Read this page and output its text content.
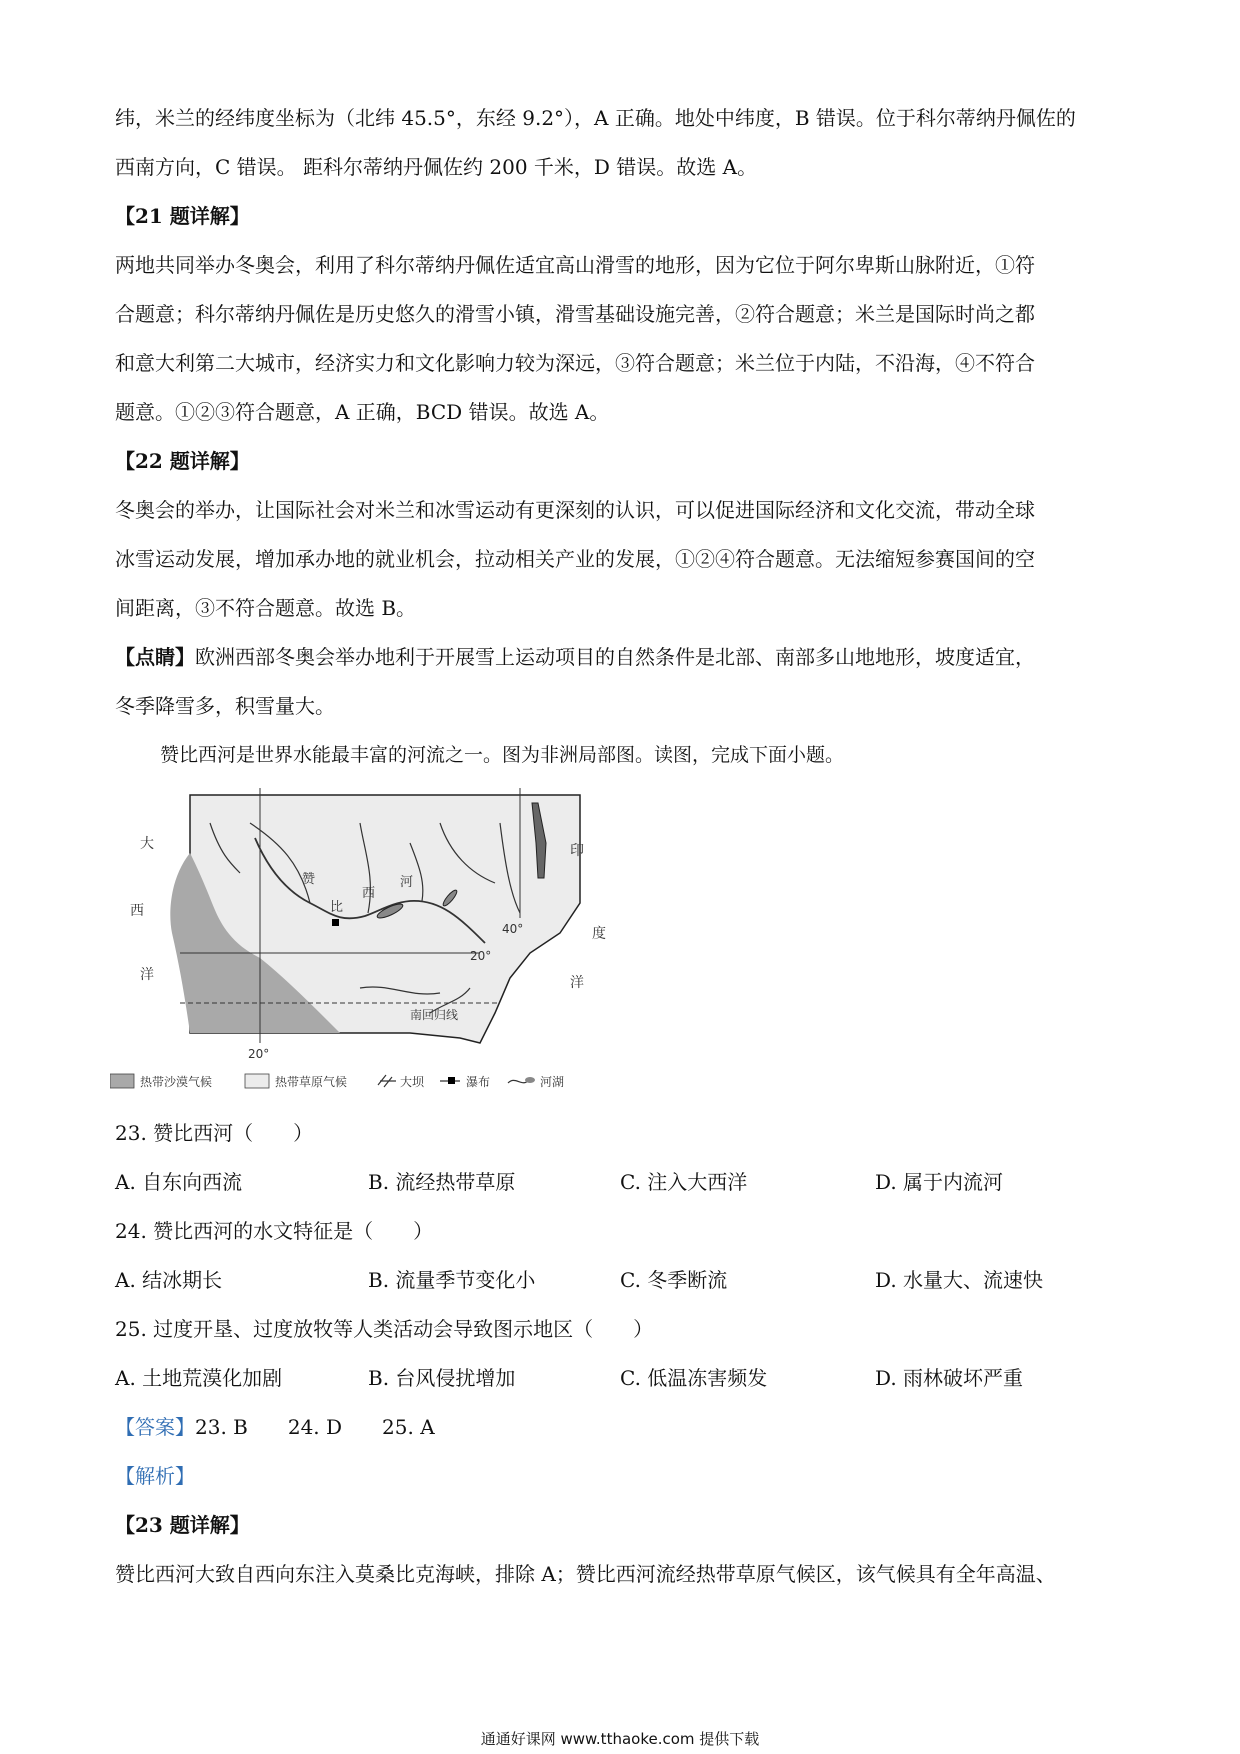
纬，米兰的经纬度坐标为（北纬 45.5°，东经 9.2°），A 正确。地处中纬度，B 错误。位于科尔蒂纳丹佩佐的
西南方向，C 错误。 距科尔蒂纳丹佩佐约 200 千米，D 错误。故选 A。
【21 题详解】
两地共同举办冬奥会，利用了科尔蒂纳丹佩佐适宜高山滑雪的地形，因为它位于阿尔卑斯山脉附近，①符
合题意；科尔蒂纳丹佩佐是历史悠久的滑雪小镇，滑雪基础设施完善，②符合题意；米兰是国际时尚之都
和意大利第二大城市，经济实力和文化影响力较为深远，③符合题意；米兰位于内陆，不沿海，④不符合
题意。①②③符合题意，A 正确，BCD 错误。故选 A。
【22 题详解】
冬奥会的举办，让国际社会对米兰和冰雪运动有更深刻的认识，可以促进国际经济和文化交流，带动全球
冰雪运动发展，增加承办地的就业机会，拉动相关产业的发展，①②④符合题意。无法缩短参赛国间的空
间距离，③不符合题意。故选 B。
【点睛】欧洲西部冬奥会举办地利于开展雪上运动项目的自然条件是北部、南部多山地地形，坡度适宜，
冬季降雪多，积雪量大。
赞比西河是世界水能最丰富的河流之一。图为非洲局部图。读图，完成下面小题。
大
西
洋
印
度
洋
赞
比
西
河
20°
40°
20°
南回归线
热带沙漠气候	热带草原气候	大坝	瀑布	河湖
23. 赞比西河（　　）
A. 自东向西流	B. 流经热带草原	C. 注入大西洋	D. 属于内流河
24. 赞比西河的水文特征是（　　）
A. 结冰期长	B. 流量季节变化小	C. 冬季断流	D. 水量大、流速快
25. 过度开垦、过度放牧等人类活动会导致图示地区（　　）
A. 土地荒漠化加剧	B. 台风侵扰增加	C. 低温冻害频发	D. 雨林破坏严重
【答案】23. B　　24. D　　25. A
【解析】
【23 题详解】
赞比西河大致自西向东注入莫桑比克海峡，排除 A；赞比西河流经热带草原气候区，该气候具有全年高温、
通通好课网 www.tthaoke.com 提供下载
